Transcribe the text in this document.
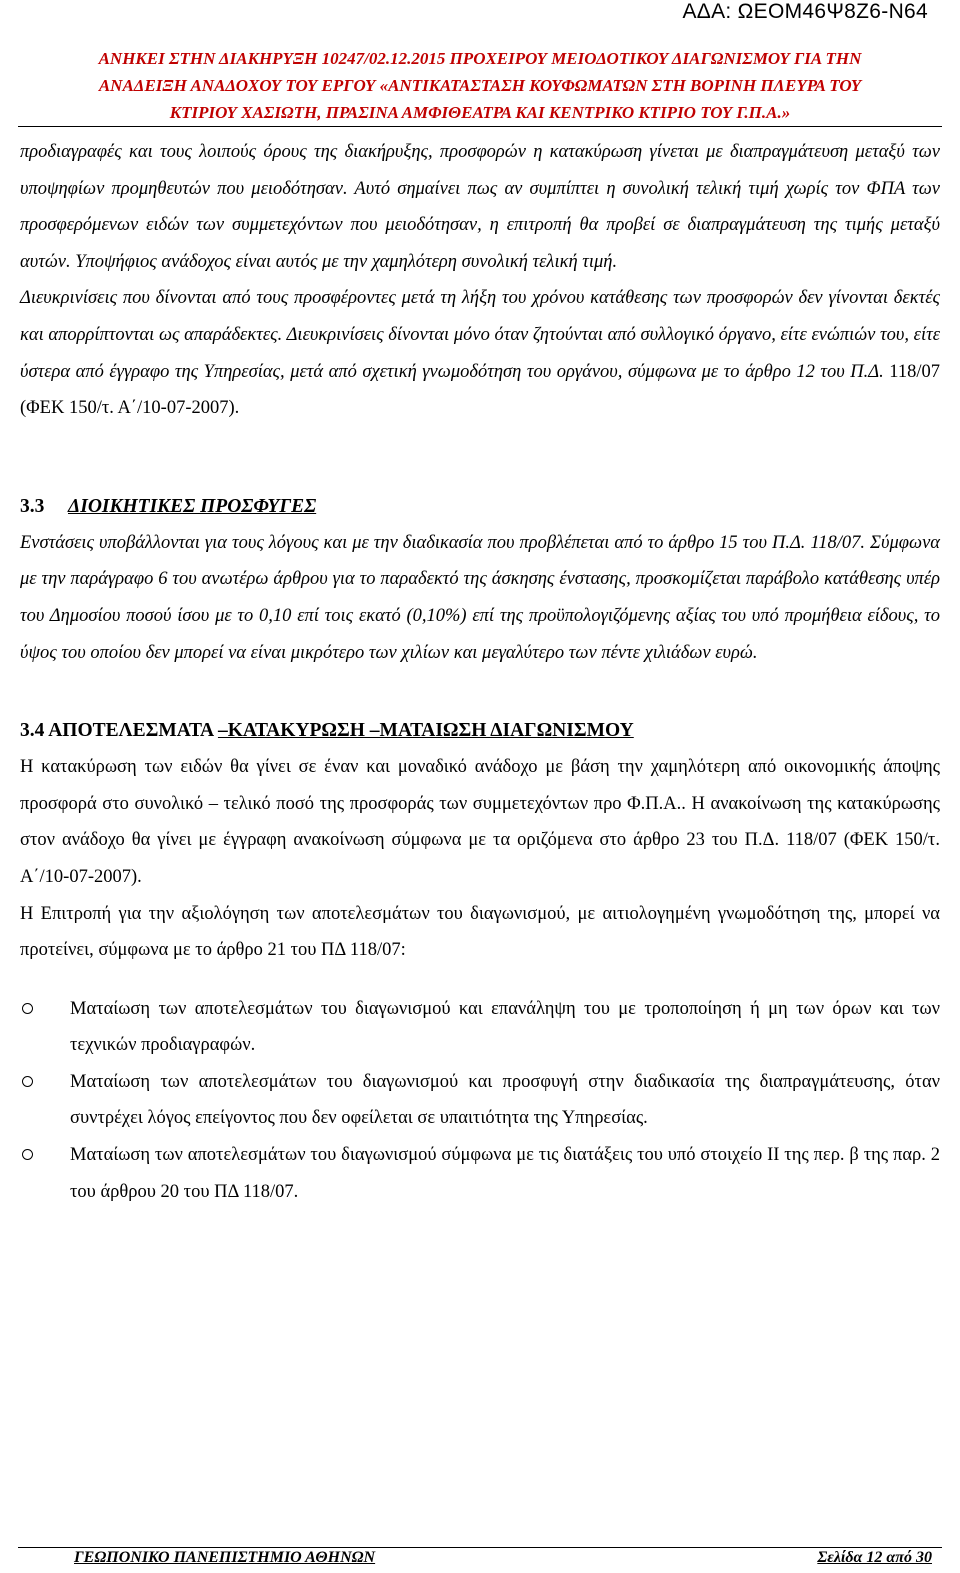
ΑΔΑ: ΩΕΟΜ46Ψ8Ζ6-Ν64
ΑΝΗΚΕΙ ΣΤΗΝ ΔΙΑΚΗΡΥΞΗ 10247/02.12.2015 ΠΡΟΧΕΙΡΟΥ ΜΕΙΟΔΟΤΙΚΟΥ ΔΙΑΓΩΝΙΣΜΟΥ ΓΙΑ ΤΗΝ
ΑΝΑΔΕΙΞΗ ΑΝΑΔΟΧΟΥ ΤΟΥ ΕΡΓΟΥ «ΑΝΤΙΚΑΤΑΣΤΑΣΗ ΚΟΥΦΩΜΑΤΩΝ ΣΤΗ ΒΟΡΙΝΗ ΠΛΕΥΡΑ ΤΟΥ
ΚΤΙΡΙΟΥ ΧΑΣΙΩΤΗ, ΠΡΑΣΙΝΑ ΑΜΦΙΘΕΑΤΡΑ ΚΑΙ ΚΕΝΤΡΙΚΟ ΚΤΙΡΙΟ ΤΟΥ Γ.Π.Α.»

προδιαγραφές και τους λοιπούς όρους της διακήρυξης, προσφορών η κατακύρωση γίνεται με διαπραγμάτευση μεταξύ των υποψηφίων προμηθευτών που μειοδότησαν. Αυτό σημαίνει πως αν συμπίπτει η συνολική τελική τιμή χωρίς τον ΦΠΑ των προσφερόμενων ειδών των συμμετεχόντων που μειοδότησαν, η επιτροπή θα προβεί σε διαπραγμάτευση της τιμής μεταξύ αυτών. Υποψήφιος ανάδοχος είναι αυτός με την χαμηλότερη συνολική τελική τιμή.

Διευκρινίσεις που δίνονται από τους προσφέροντες μετά τη λήξη του χρόνου κατάθεσης των προσφορών δεν γίνονται δεκτές και απορρίπτονται ως απαράδεκτες. Διευκρινίσεις δίνονται μόνο όταν ζητούνται από συλλογικό όργανο, είτε ενώπιών του, είτε ύστερα από έγγραφο της Υπηρεσίας, μετά από σχετική γνωμοδότηση του οργάνου, σύμφωνα με το άρθρο 12 του Π.Δ. 118/07 (ΦΕΚ 150/τ. Α΄/10-07-2007).

3.3 ΔΙΟΙΚΗΤΙΚΕΣ ΠΡΟΣΦΥΓΕΣ

Ενστάσεις υποβάλλονται για τους λόγους και με την διαδικασία που προβλέπεται από το άρθρο 15 του Π.Δ. 118/07. Σύμφωνα με την παράγραφο 6 του ανωτέρω άρθρου για το παραδεκτό της άσκησης ένστασης, προσκομίζεται παράβολο κατάθεσης υπέρ του Δημοσίου ποσού ίσου με το 0,10 επί τοις εκατό (0,10%) επί της προϋπολογιζόμενης αξίας του υπό προμήθεια είδους, το ύψος του οποίου δεν μπορεί να είναι μικρότερο των χιλίων και μεγαλύτερο των πέντε χιλιάδων ευρώ.

3.4 ΑΠΟΤΕΛΕΣΜΑΤΑ –ΚΑΤΑΚΥΡΩΣΗ –ΜΑΤΑΙΩΣΗ ΔΙΑΓΩΝΙΣΜΟΥ

Η κατακύρωση των ειδών θα γίνει σε έναν και μοναδικό ανάδοχο με βάση την χαμηλότερη από οικονομικής άποψης προσφορά στο συνολικό – τελικό ποσό της προσφοράς των συμμετεχόντων προ Φ.Π.Α.. Η ανακοίνωση της κατακύρωσης στον ανάδοχο θα γίνει με έγγραφη ανακοίνωση σύμφωνα με τα οριζόμενα στο άρθρο 23 του Π.Δ. 118/07 (ΦΕΚ 150/τ. Α΄/10-07-2007).

Η Επιτροπή για την αξιολόγηση των αποτελεσμάτων του διαγωνισμού, με αιτιολογημένη γνωμοδότηση της, μπορεί να προτείνει, σύμφωνα με το άρθρο 21 του ΠΔ 118/07:

Ματαίωση των αποτελεσμάτων του διαγωνισμού και επανάληψη του με τροποποίηση ή μη των όρων και των τεχνικών προδιαγραφών.

Ματαίωση των αποτελεσμάτων του διαγωνισμού και προσφυγή στην διαδικασία της διαπραγμάτευσης, όταν συντρέχει λόγος επείγοντος που δεν οφείλεται σε υπαιτιότητα της Υπηρεσίας.

Ματαίωση των αποτελεσμάτων του διαγωνισμού σύμφωνα με τις διατάξεις του υπό στοιχείο ΙΙ της περ. β της παρ. 2 του άρθρου 20 του ΠΔ 118/07.

ΓΕΩΠΟΝΙΚΟ ΠΑΝΕΠΙΣΤΗΜΙΟ ΑΘΗΝΩΝ	Σελίδα 12 από 30
